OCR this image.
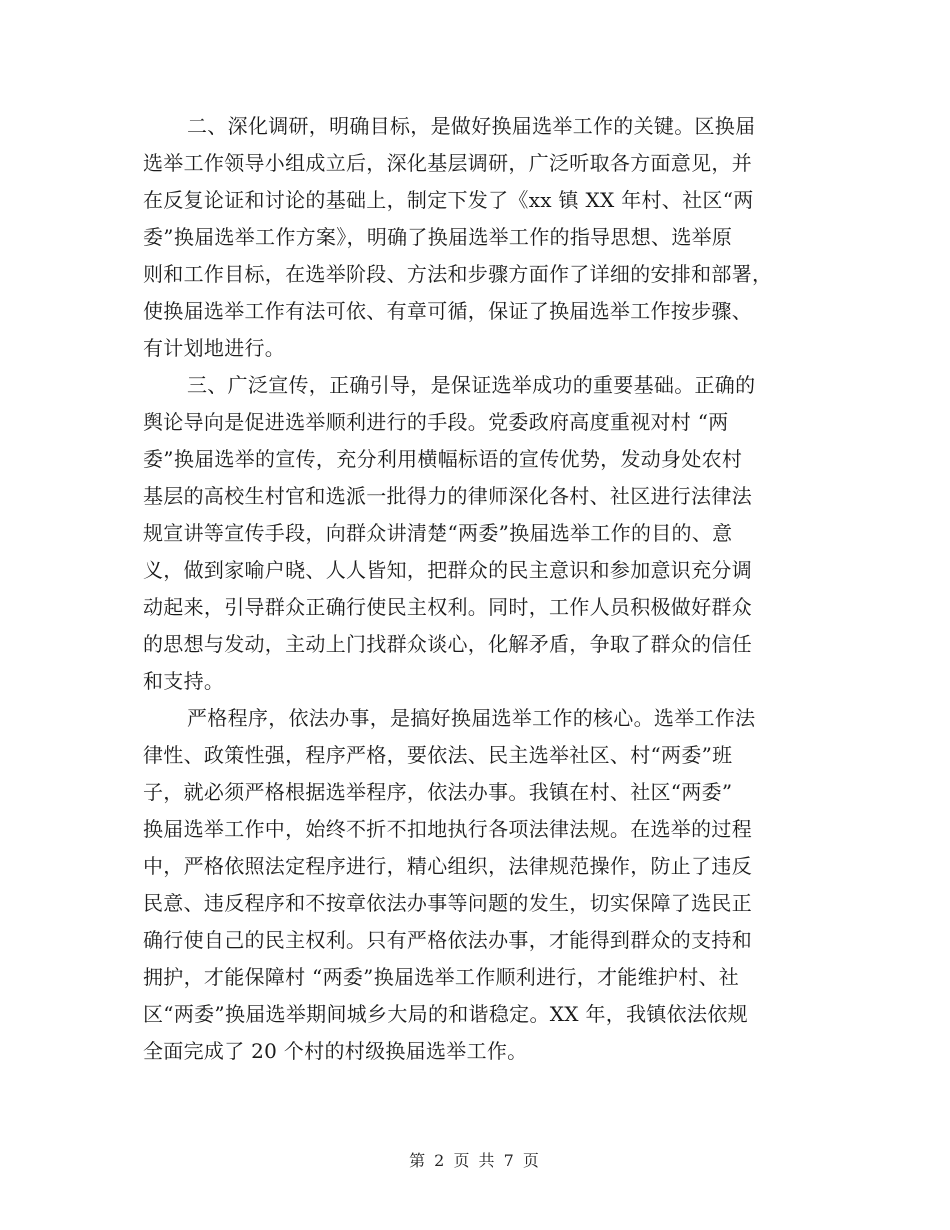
二、深化调研，明确目标，是做好换届选举工作的关键。区换届
选举工作领导小组成立后，深化基层调研，广泛听取各方面意见，并
在反复论证和讨论的基础上，制定下发了《xx 镇 XX 年村、社区“两
委”换届选举工作方案》，明确了换届选举工作的指导思想、选举原
则和工作目标，在选举阶段、方法和步骤方面作了详细的安排和部署，
使换届选举工作有法可依、有章可循，保证了换届选举工作按步骤、
有计划地进行。

三、广泛宣传，正确引导，是保证选举成功的重要基础。正确的
舆论导向是促进选举顺利进行的手段。党委政府高度重视对村 “两
委”换届选举的宣传，充分利用横幅标语的宣传优势，发动身处农村
基层的高校生村官和选派一批得力的律师深化各村、社区进行法律法
规宣讲等宣传手段，向群众讲清楚“两委”换届选举工作的目的、意
义，做到家喻户晓、人人皆知，把群众的民主意识和参加意识充分调
动起来，引导群众正确行使民主权利。同时，工作人员积极做好群众
的思想与发动，主动上门找群众谈心，化解矛盾，争取了群众的信任
和支持。

严格程序，依法办事，是搞好换届选举工作的核心。选举工作法
律性、政策性强，程序严格，要依法、民主选举社区、村“两委”班
子，就必须严格根据选举程序，依法办事。我镇在村、社区“两委”
换届选举工作中，始终不折不扣地执行各项法律法规。在选举的过程
中，严格依照法定程序进行，精心组织，法律规范操作，防止了违反
民意、违反程序和不按章依法办事等问题的发生，切实保障了选民正
确行使自己的民主权利。只有严格依法办事，才能得到群众的支持和
拥护，才能保障村 “两委”换届选举工作顺利进行，才能维护村、社
区“两委”换届选举期间城乡大局的和谐稳定。XX 年，我镇依法依规
全面完成了 20 个村的村级换届选举工作。

第 2 页 共 7 页
